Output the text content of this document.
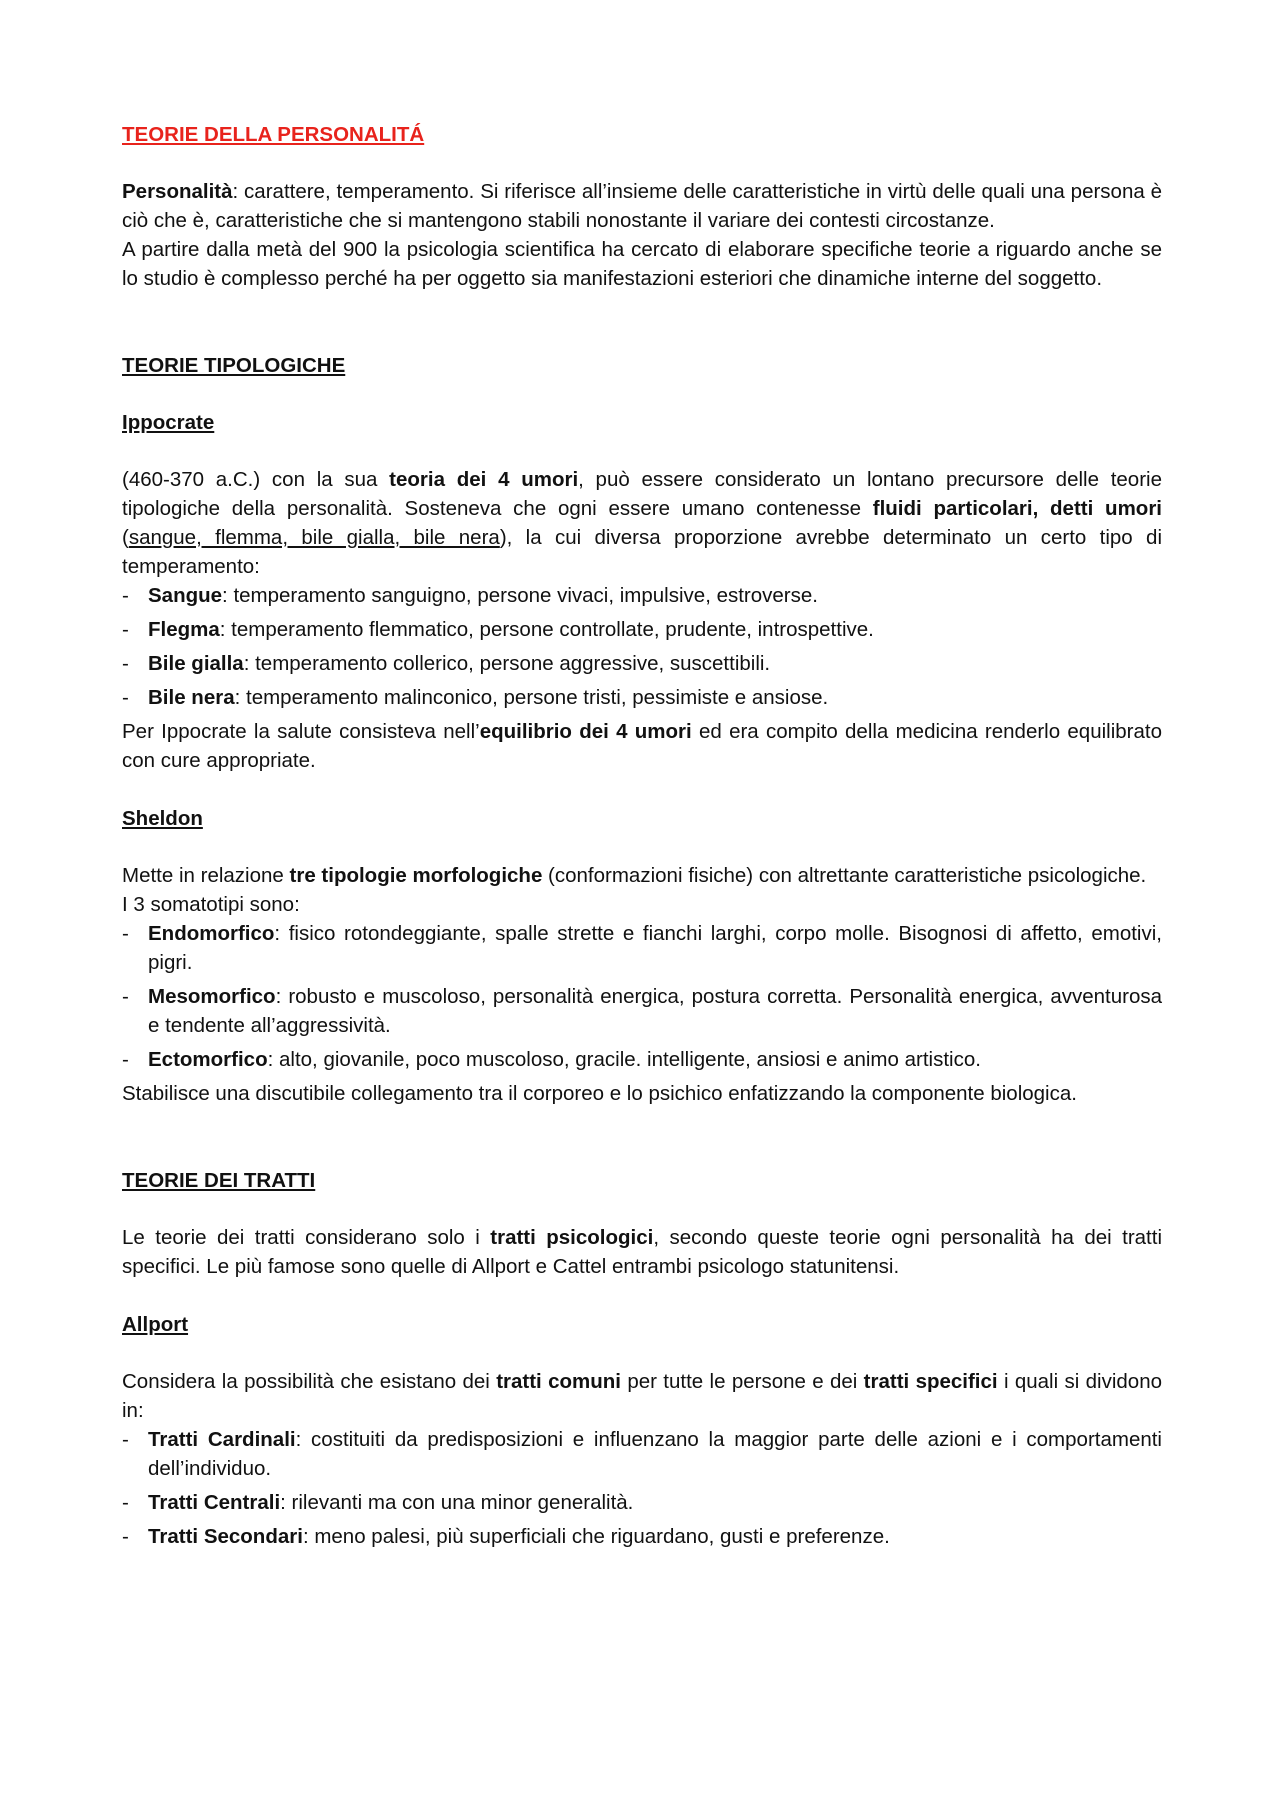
TEORIE DELLA PERSONALITÁ

Personalità: carattere, temperamento. Si riferisce all’insieme delle caratteristiche in virtù delle quali una persona è ciò che è, caratteristiche che si mantengono stabili nonostante il variare dei contesti circostanze.

A partire dalla metà del 900 la psicologia scientifica ha cercato di elaborare specifiche teorie a riguardo anche se lo studio è complesso perché ha per oggetto sia manifestazioni esteriori che dinamiche interne del soggetto.

TEORIE TIPOLOGICHE
Ippocrate

(460-370 a.C.) con la sua teoria dei 4 umori, può essere considerato un lontano precursore delle teorie tipologiche della personalità. Sosteneva che ogni essere umano contenesse fluidi particolari, detti umori (sangue, flemma, bile gialla, bile nera), la cui diversa proporzione avrebbe determinato un certo tipo di temperamento:

- Sangue: temperamento sanguigno, persone vivaci, impulsive, estroverse.
- Flegma: temperamento flemmatico, persone controllate, prudente, introspettive.
- Bile gialla: temperamento collerico, persone aggressive, suscettibili.
- Bile nera: temperamento malinconico, persone tristi, pessimiste e ansiose.

Per Ippocrate la salute consisteva nell’equilibrio dei 4 umori ed era compito della medicina renderlo equilibrato con cure appropriate.

Sheldon

Mette in relazione tre tipologie morfologiche (conformazioni fisiche) con altrettante caratteristiche psicologiche.

I 3 somatotipi sono:

- Endomorfico: fisico rotondeggiante, spalle strette e fianchi larghi, corpo molle. Bisognosi di affetto, emotivi, pigri.
- Mesomorfico: robusto e muscoloso, personalità energica, postura corretta. Personalità energica, avventurosa e tendente all’aggressività.
- Ectomorfico: alto, giovanile, poco muscoloso, gracile. intelligente, ansiosi e animo artistico.

Stabilisce una discutibile collegamento tra il corporeo e lo psichico enfatizzando la componente biologica.

TEORIE DEI TRATTI

Le teorie dei tratti considerano solo i tratti psicologici, secondo queste teorie ogni personalità ha dei tratti specifici. Le più famose sono quelle di Allport e Cattel entrambi psicologo statunitensi.

Allport

Considera la possibilità che esistano dei tratti comuni per tutte le persone e dei tratti specifici i quali si dividono in:

- Tratti Cardinali: costituiti da predisposizioni e influenzano la maggior parte delle azioni e i comportamenti dell’individuo.
- Tratti Centrali: rilevanti ma con una minor generalità.
- Tratti Secondari: meno palesi, più superficiali che riguardano, gusti e preferenze.
